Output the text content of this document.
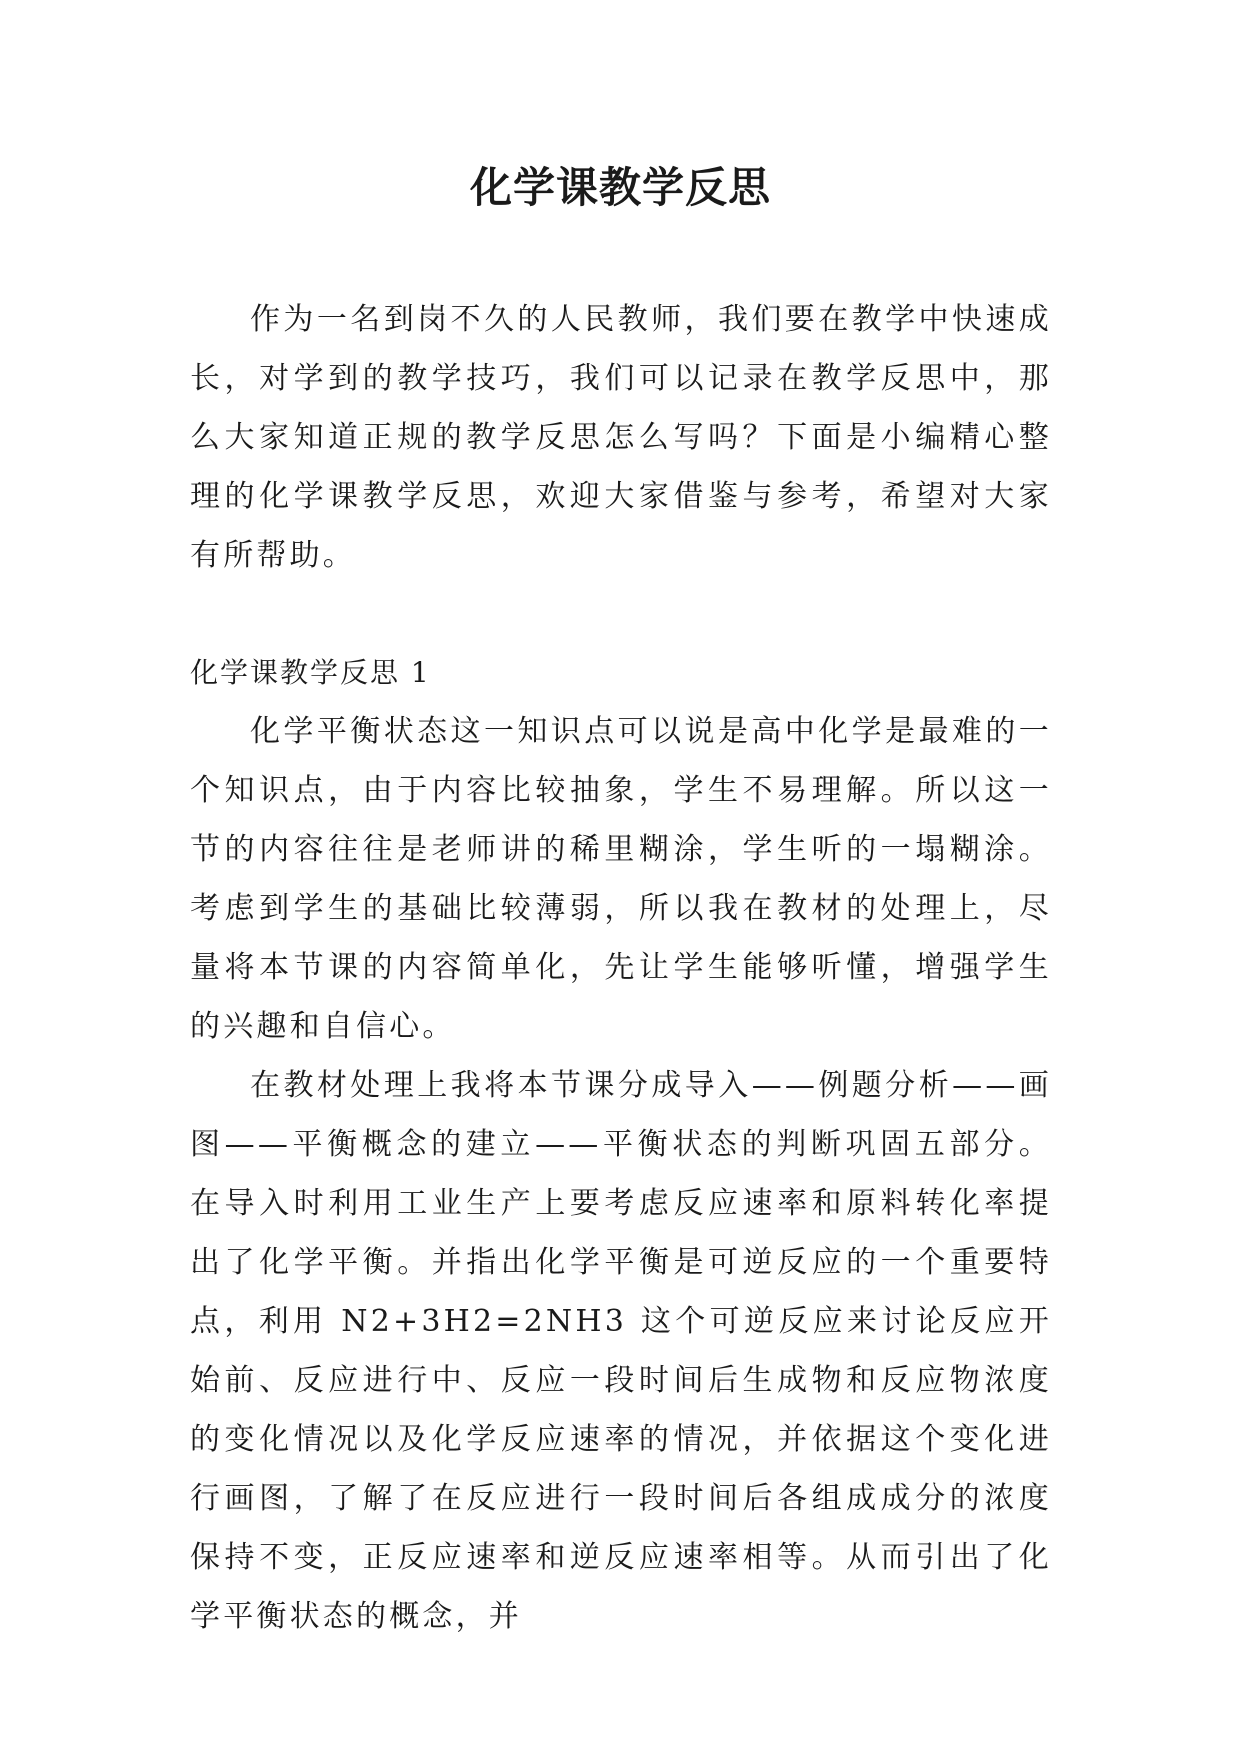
化学课教学反思

作为一名到岗不久的人民教师，我们要在教学中快速成长，对学到的教学技巧，我们可以记录在教学反思中，那么大家知道正规的教学反思怎么写吗？下面是小编精心整理的化学课教学反思，欢迎大家借鉴与参考，希望对大家有所帮助。

化学课教学反思 1

化学平衡状态这一知识点可以说是高中化学是最难的一个知识点，由于内容比较抽象，学生不易理解。所以这一节的内容往往是老师讲的稀里糊涂，学生听的一塌糊涂。考虑到学生的基础比较薄弱，所以我在教材的处理上，尽量将本节课的内容简单化，先让学生能够听懂，增强学生的兴趣和自信心。

在教材处理上我将本节课分成导入——例题分析——画图——平衡概念的建立——平衡状态的判断巩固五部分。在导入时利用工业生产上要考虑反应速率和原料转化率提出了化学平衡。并指出化学平衡是可逆反应的一个重要特点，利用 N2+3H2=2NH3 这个可逆反应来讨论反应开始前、反应进行中、反应一段时间后生成物和反应物浓度的变化情况以及化学反应速率的情况，并依据这个变化进行画图，了解了在反应进行一段时间后各组成成分的浓度保持不变，正反应速率和逆反应速率相等。从而引出了化学平衡状态的概念，并
